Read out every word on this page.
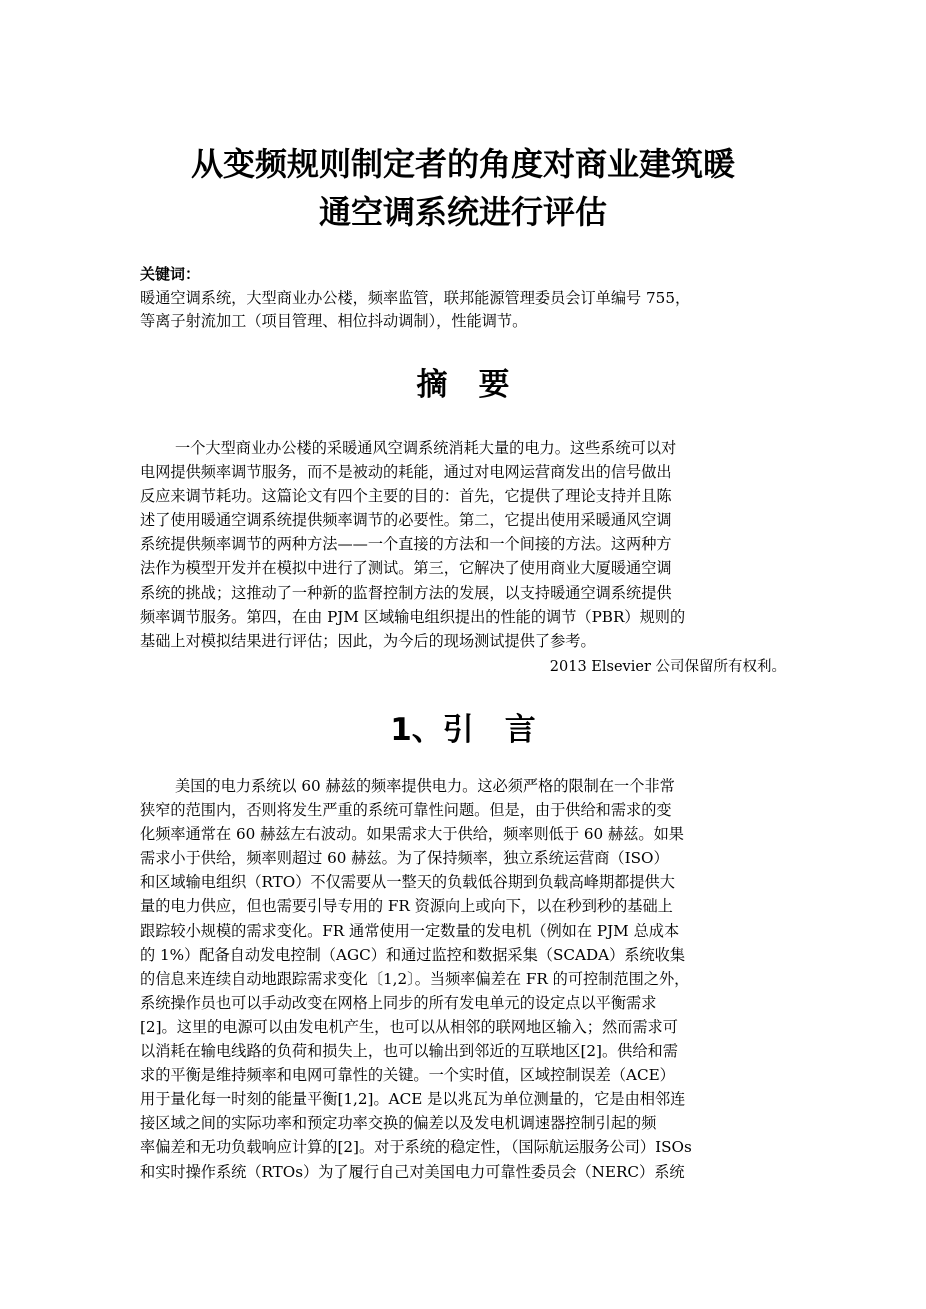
从变频规则制定者的角度对商业建筑暖
通空调系统进行评估
关键词：
暖通空调系统，大型商业办公楼，频率监管，联邦能源管理委员会订单编号 755，
等离子射流加工（项目管理、相位抖动调制），性能调节。
摘　要
一个大型商业办公楼的采暖通风空调系统消耗大量的电力。这些系统可以对
电网提供频率调节服务，而不是被动的耗能，通过对电网运营商发出的信号做出
反应来调节耗功。这篇论文有四个主要的目的：首先，它提供了理论支持并且陈
述了使用暖通空调系统提供频率调节的必要性。第二，它提出使用采暖通风空调
系统提供频率调节的两种方法——一个直接的方法和一个间接的方法。这两种方
法作为模型开发并在模拟中进行了测试。第三，它解决了使用商业大厦暖通空调
系统的挑战；这推动了一种新的监督控制方法的发展，以支持暖通空调系统提供
频率调节服务。第四，在由 PJM 区域输电组织提出的性能的调节（PBR）规则的
基础上对模拟结果进行评估；因此，为今后的现场测试提供了参考。
2013 Elsevier 公司保留所有权利。
1、引　言
美国的电力系统以 60 赫兹的频率提供电力。这必须严格的限制在一个非常
狭窄的范围内，否则将发生严重的系统可靠性问题。但是，由于供给和需求的变
化频率通常在 60 赫兹左右波动。如果需求大于供给，频率则低于 60 赫兹。如果
需求小于供给，频率则超过 60 赫兹。为了保持频率，独立系统运营商（ISO）
和区域输电组织（RTO）不仅需要从一整天的负载低谷期到负载高峰期都提供大
量的电力供应，但也需要引导专用的 FR 资源向上或向下，以在秒到秒的基础上
跟踪较小规模的需求变化。FR 通常使用一定数量的发电机（例如在 PJM 总成本
的 1%）配备自动发电控制（AGC）和通过监控和数据采集（SCADA）系统收集
的信息来连续自动地跟踪需求变化〔1,2〕。当频率偏差在 FR 的可控制范围之外，
系统操作员也可以手动改变在网格上同步的所有发电单元的设定点以平衡需求
[2]。这里的电源可以由发电机产生，也可以从相邻的联网地区输入；然而需求可
以消耗在输电线路的负荷和损失上，也可以输出到邻近的互联地区[2]。供给和需
求的平衡是维持频率和电网可靠性的关键。一个实时值，区域控制误差（ACE）
用于量化每一时刻的能量平衡[1,2]。ACE 是以兆瓦为单位测量的，它是由相邻连
接区域之间的实际功率和预定功率交换的偏差以及发电机调速器控制引起的频
率偏差和无功负载响应计算的[2]。对于系统的稳定性，（国际航运服务公司）ISOs
和实时操作系统（RTOs）为了履行自己对美国电力可靠性委员会（NERC）系统
